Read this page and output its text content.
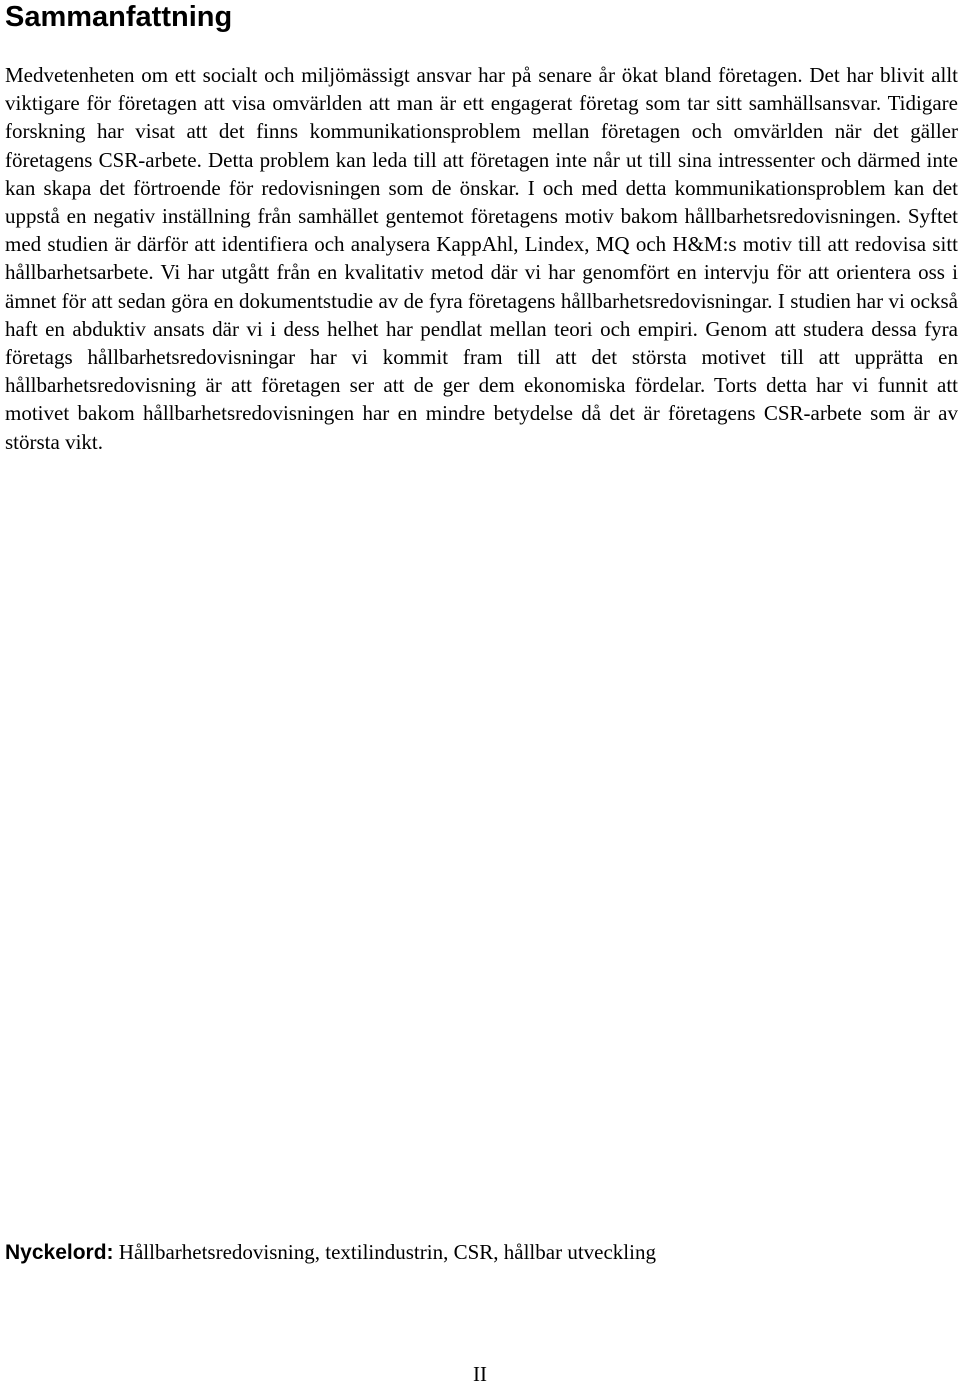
Sammanfattning

Medvetenheten om ett socialt och miljömässigt ansvar har på senare år ökat bland företagen. Det har blivit allt viktigare för företagen att visa omvärlden att man är ett engagerat företag som tar sitt samhällsansvar. Tidigare forskning har visat att det finns kommunikationsproblem mellan företagen och omvärlden när det gäller företagens CSR-arbete. Detta problem kan leda till att företagen inte når ut till sina intressenter och därmed inte kan skapa det förtroende för redovisningen som de önskar. I och med detta kommunikationsproblem kan det uppstå en negativ inställning från samhället gentemot företagens motiv bakom hållbarhetsredovisningen. Syftet med studien är därför att identifiera och analysera KappAhl, Lindex, MQ och H&M:s motiv till att redovisa sitt hållbarhetsarbete. Vi har utgått från en kvalitativ metod där vi har genomfört en intervju för att orientera oss i ämnet för att sedan göra en dokumentstudie av de fyra företagens hållbarhetsredovisningar. I studien har vi också haft en abduktiv ansats där vi i dess helhet har pendlat mellan teori och empiri. Genom att studera dessa fyra företags hållbarhetsredovisningar har vi kommit fram till att det största motivet till att upprätta en hållbarhetsredovisning är att företagen ser att de ger dem ekonomiska fördelar. Torts detta har vi funnit att motivet bakom hållbarhetsredovisningen har en mindre betydelse då det är företagens CSR-arbete som är av största vikt.

Nyckelord: Hållbarhetsredovisning, textilindustrin, CSR, hållbar utveckling

II
